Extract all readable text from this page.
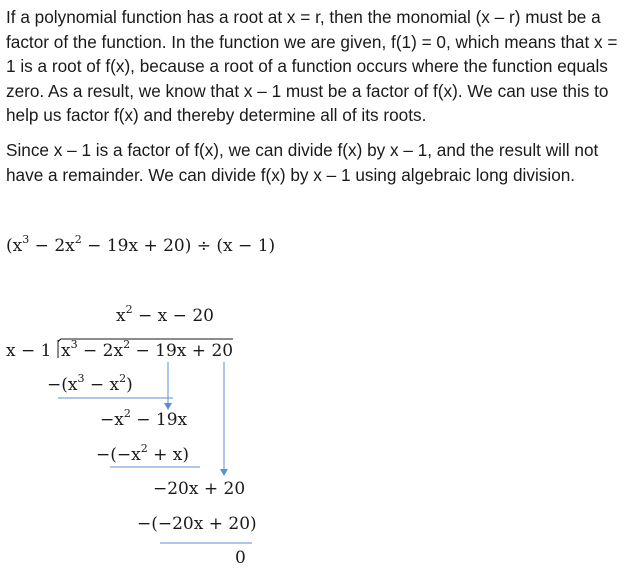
If a polynomial function has a root at x = r, then the monomial (x – r) must be a factor of the function. In the function we are given, f(1) = 0, which means that x = 1 is a root of f(x), because a root of a function occurs where the function equals zero. As a result, we know that x – 1 must be a factor of f(x). We can use this to help us factor f(x) and thereby determine all of its roots.

Since x – 1 is a factor of f(x), we can divide f(x) by x – 1, and the result will not have a remainder. We can divide f(x) by x – 1 using algebraic long division.

$(x^3 - 2x^2 - 19x + 20) \div (x - 1)$
$x^2 - x - 20$
x − 1 $x^3 - 2x^2 - 19x + 20$
$-(x^3 - x^2)$
$-x^2 - 19x$
$-(-x^2 + x)$
−20x + 20
−(−20x + 20)
0
